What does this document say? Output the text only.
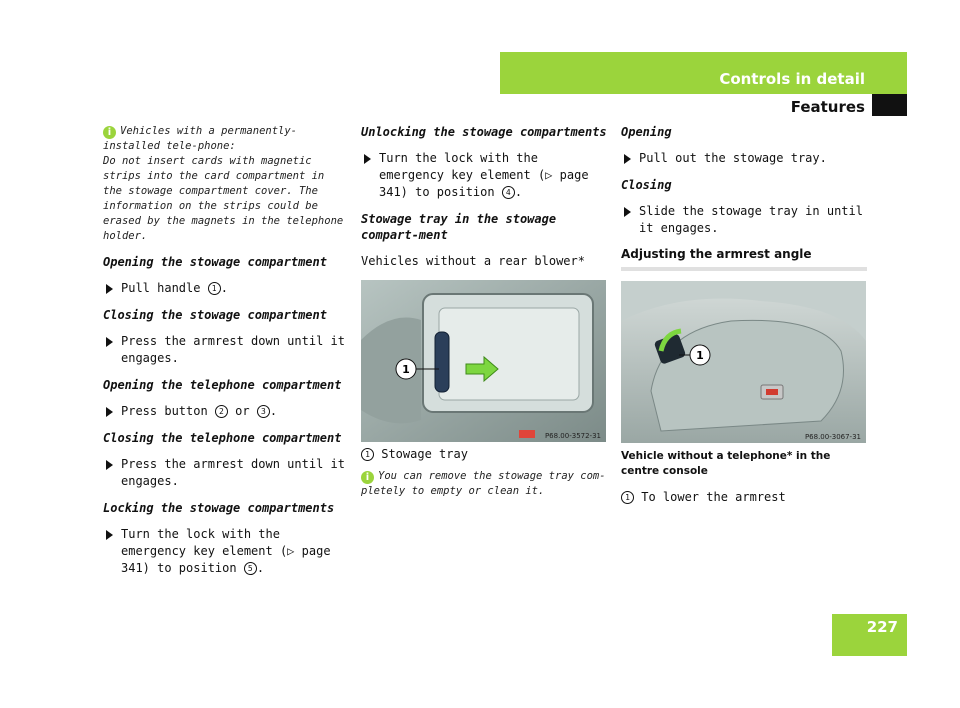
Controls in detail
Features
227
i Vehicles with a permanently-installed tele-phone:
Do not insert cards with magnetic strips into the card compartment in the stowage compartment cover. The information on the strips could be erased by the magnets in the telephone holder.
Opening the stowage compartment
Pull handle 1 .
Closing the stowage compartment
Press the armrest down until it engages.
Opening the telephone compartment
Press button 2 or 3 .
Closing the telephone compartment
Press the armrest down until it engages.
Locking the stowage compartments
Turn the lock with the emergency key element (▷ page 341) to position 5 .
Unlocking the stowage compartments
Turn the lock with the emergency key element (▷ page 341) to position 4 .
Stowage tray in the stowage compart-ment
Vehicles without a rear blower*
1
P68.00-3572-31
1 Stowage tray
i You can remove the stowage tray com-pletely to empty or clean it.
Opening
Pull out the stowage tray.
Closing
Slide the stowage tray in until it engages.
Adjusting the armrest angle
1
P68.00-3067-31
Vehicle without a telephone* in the centre console
1 To lower the armrest
